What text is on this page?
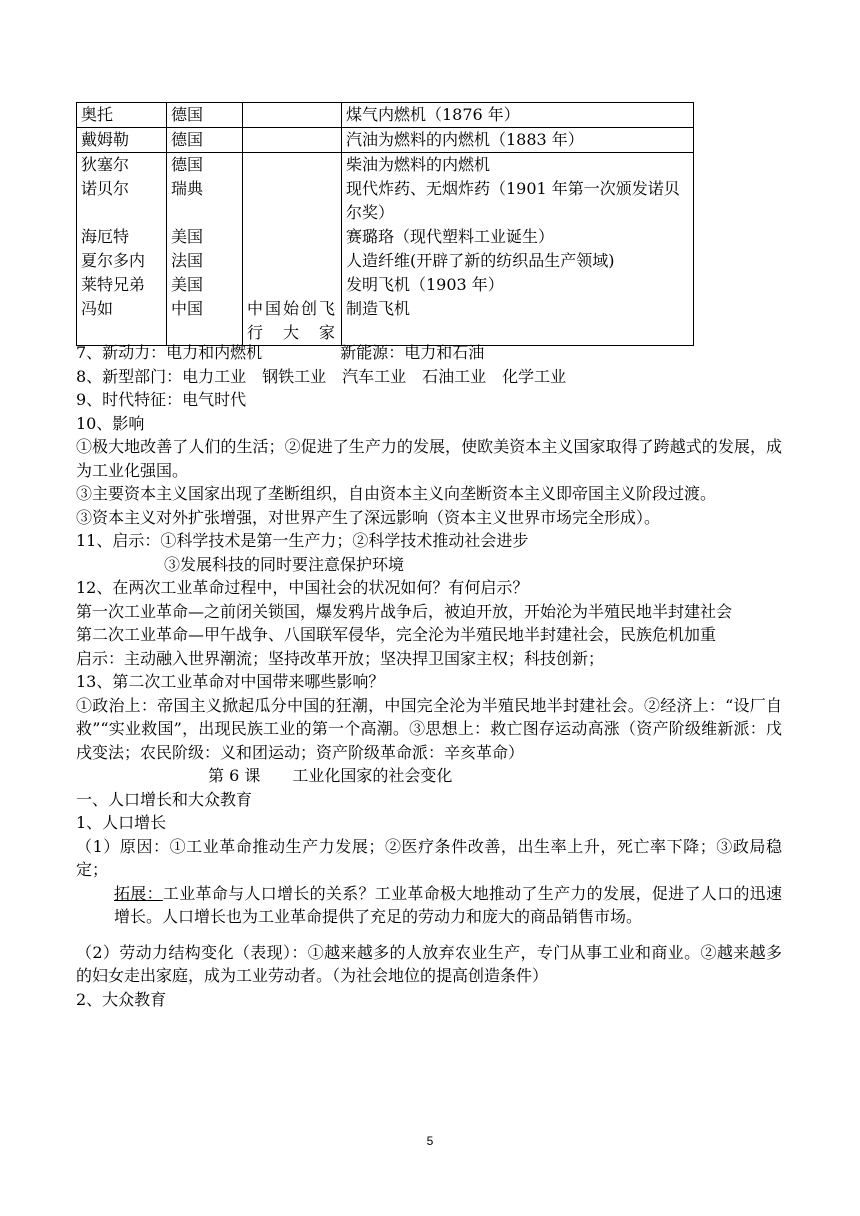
奥托	德国		煤气内燃机（1876 年）
戴姆勒	德国		汽油为燃料的内燃机（1883 年）
狄塞尔	德国		柴油为燃料的内燃机
诺贝尔	瑞典		现代炸药、无烟炸药（1901 年第一次颁发诺贝尔奖）
海厄特	美国		赛璐珞（现代塑料工业诞生）
夏尔多内	法国		人造纤维(开辟了新的纺织品生产领域)
莱特兄弟	美国		发明飞机（1903 年）
冯如	中国	中国始创飞行大家	制造飞机

7、新动力：电力和内燃机	新能源：电力和石油

8、新型部门：电力工业　钢铁工业　汽车工业　石油工业　化学工业

9、时代特征：电气时代

10、影响

①极大地改善了人们的生活；②促进了生产力的发展，使欧美资本主义国家取得了跨越式的发展，成为工业化强国。

③主要资本主义国家出现了垄断组织，自由资本主义向垄断资本主义即帝国主义阶段过渡。

③资本主义对外扩张增强，对世界产生了深远影响（资本主义世界市场完全形成）。

11、启示：①科学技术是第一生产力；②科学技术推动社会进步

③发展科技的同时要注意保护环境

12、在两次工业革命过程中，中国社会的状况如何？有何启示？

第一次工业革命—之前闭关锁国，爆发鸦片战争后，被迫开放，开始沦为半殖民地半封建社会

第二次工业革命—甲午战争、八国联军侵华，完全沦为半殖民地半封建社会，民族危机加重

启示：主动融入世界潮流；坚持改革开放；坚决捍卫国家主权；科技创新；

13、第二次工业革命对中国带来哪些影响？

①政治上：帝国主义掀起瓜分中国的狂潮，中国完全沦为半殖民地半封建社会。②经济上：“设厂自救”“实业救国”，出现民族工业的第一个高潮。③思想上：救亡图存运动高涨（资产阶级维新派：戊戌变法；农民阶级：义和团运动；资产阶级革命派：辛亥革命）

第 6 课　　工业化国家的社会变化

一、人口增长和大众教育

1、人口增长

（1）原因：①工业革命推动生产力发展；②医疗条件改善，出生率上升，死亡率下降；③政局稳定；

拓展：工业革命与人口增长的关系？工业革命极大地推动了生产力的发展，促进了人口的迅速增长。人口增长也为工业革命提供了充足的劳动力和庞大的商品销售市场。

（2）劳动力结构变化（表现）：①越来越多的人放弃农业生产，专门从事工业和商业。②越来越多的妇女走出家庭，成为工业劳动者。（为社会地位的提高创造条件）

2、大众教育

5
